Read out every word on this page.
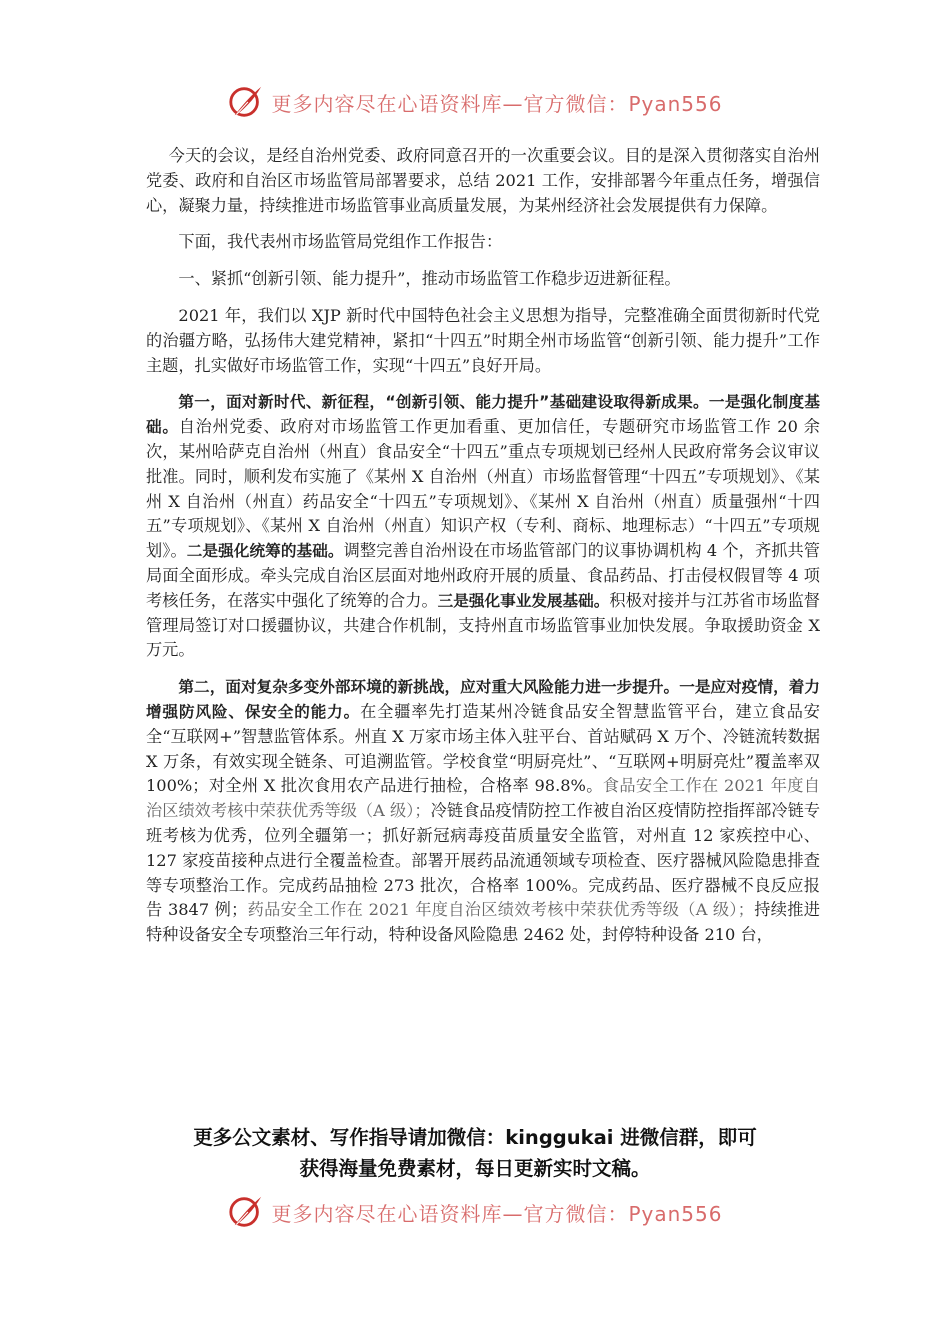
更多内容尽在心语资料库—官方微信：Pyan556

今天的会议，是经自治州党委、政府同意召开的一次重要会议。目的是深入贯彻落实自治州党委、政府和自治区市场监管局部署要求，总结 2021 工作，安排部署今年重点任务，增强信心，凝聚力量，持续推进市场监管事业高质量发展，为某州经济社会发展提供有力保障。

下面，我代表州市场监管局党组作工作报告：

一、紧抓“创新引领、能力提升”，推动市场监管工作稳步迈进新征程。

2021 年，我们以 XJP 新时代中国特色社会主义思想为指导，完整准确全面贯彻新时代党的治疆方略，弘扬伟大建党精神，紧扣“十四五”时期全州市场监管“创新引领、能力提升”工作主题，扎实做好市场监管工作，实现“十四五”良好开局。

第一，面对新时代、新征程，“创新引领、能力提升”基础建设取得新成果。一是强化制度基础。自治州党委、政府对市场监管工作更加看重、更加信任，专题研究市场监管工作 20 余次，某州哈萨克自治州（州直）食品安全“十四五”重点专项规划已经州人民政府常务会议审议批准。同时，顺利发布实施了《某州 X 自治州（州直）市场监督管理“十四五”专项规划》、《某州 X 自治州（州直）药品安全“十四五”专项规划》、《某州 X 自治州（州直）质量强州“十四五”专项规划》、《某州 X 自治州（州直）知识产权（专利、商标、地理标志）“十四五”专项规划》。二是强化统筹的基础。调整完善自治州设在市场监管部门的议事协调机构 4 个，齐抓共管局面全面形成。牵头完成自治区层面对地州政府开展的质量、食品药品、打击侵权假冒等 4 项考核任务，在落实中强化了统筹的合力。三是强化事业发展基础。积极对接并与江苏省市场监督管理局签订对口援疆协议，共建合作机制，支持州直市场监管事业加快发展。争取援助资金 X 万元。

第二，面对复杂多变外部环境的新挑战，应对重大风险能力进一步提升。一是应对疫情，着力增强防风险、保安全的能力。在全疆率先打造某州冷链食品安全智慧监管平台，建立食品安全“互联网+”智慧监管体系。州直 X 万家市场主体入驻平台、首站赋码 X 万个、冷链流转数据 X 万条，有效实现全链条、可追溯监管。学校食堂“明厨亮灶”、“互联网+明厨亮灶”覆盖率双 100%；对全州 X 批次食用农产品进行抽检，合格率 98.8%。食品安全工作在 2021 年度自治区绩效考核中荣获优秀等级（A 级）；冷链食品疫情防控工作被自治区疫情防控指挥部冷链专班考核为优秀，位列全疆第一；抓好新冠病毒疫苗质量安全监管，对州直 12 家疾控中心、127 家疫苗接种点进行全覆盖检查。部署开展药品流通领域专项检查、医疗器械风险隐患排查等专项整治工作。完成药品抽检 273 批次，合格率 100%。完成药品、医疗器械不良反应报告 3847 例；药品安全工作在 2021 年度自治区绩效考核中荣获优秀等级（A 级）；持续推进特种设备安全专项整治三年行动，特种设备风险隐患 2462 处，封停特种设备 210 台，

更多公文素材、写作指导请加微信：kinggukai 进微信群，即可
获得海量免费素材，每日更新实时文稿。
更多内容尽在心语资料库—官方微信：Pyan556
